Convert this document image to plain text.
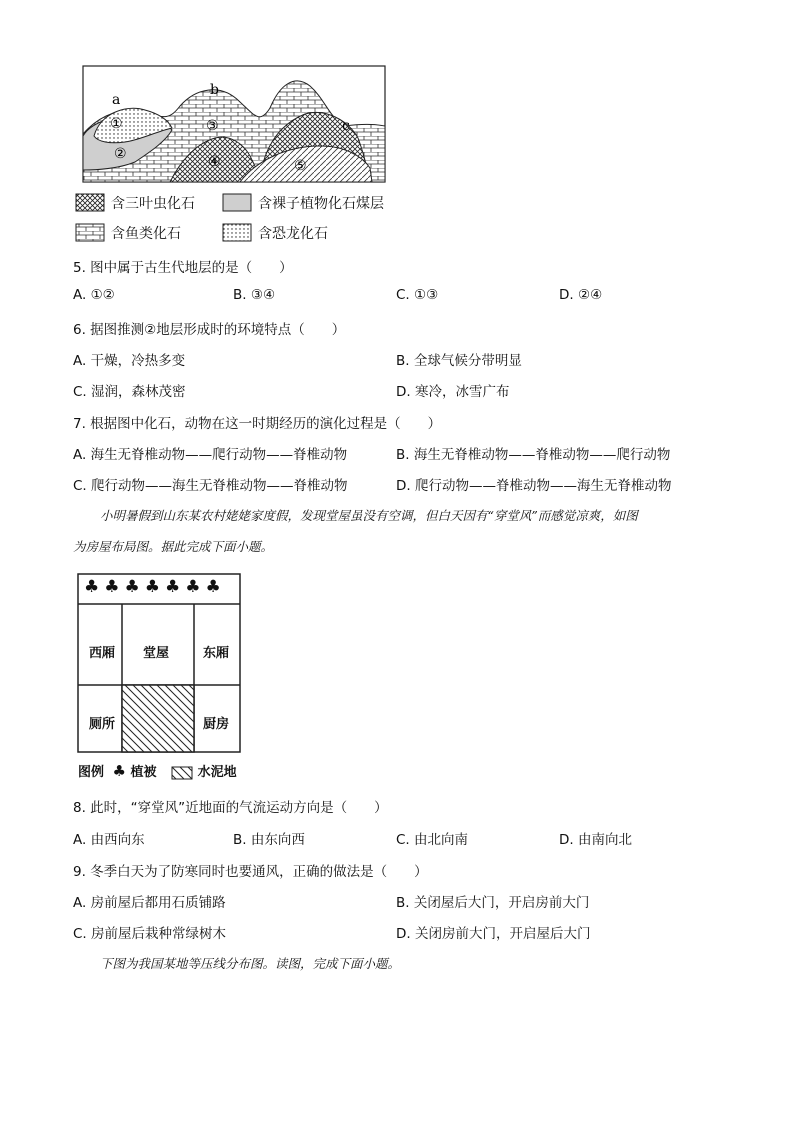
a
b
c
①
②
③
④	⑤
含三叶虫化石	含裸子植物化石煤层
含鱼类化石	含恐龙化石
5. 图中属于古生代地层的是（　　）
A. ①②	B. ③④	C. ①③	D. ②④
6. 据图推测②地层形成时的环境特点（　　）
A. 干燥，冷热多变	B. 全球气候分带明显
C. 湿润，森林茂密	D. 寒冷，冰雪广布
7. 根据图中化石，动物在这一时期经历的演化过程是（　　）
A. 海生无脊椎动物——爬行动物——脊椎动物	B. 海生无脊椎动物——脊椎动物——爬行动物
C. 爬行动物——海生无脊椎动物——脊椎动物	D. 爬行动物——脊椎动物——海生无脊椎动物
小明暑假到山东某农村姥姥家度假，发现堂屋虽没有空调，但白天因有“穿堂风”而感觉凉爽，如图
为房屋布局图。据此完成下面小题。
♣♣♣♣♣♣♣
西厢 堂屋	东厢
厕所	厨房
图例 ♣ 植被	水泥地
8. 此时，“穿堂风”近地面的气流运动方向是（　　）
A. 由西向东	B. 由东向西	C. 由北向南	D. 由南向北
9. 冬季白天为了防寒同时也要通风，正确的做法是（　　）
A. 房前屋后都用石质铺路	B. 关闭屋后大门，开启房前大门
C. 房前屋后栽种常绿树木	D. 关闭房前大门，开启屋后大门
下图为我国某地等压线分布图。读图，完成下面小题。
